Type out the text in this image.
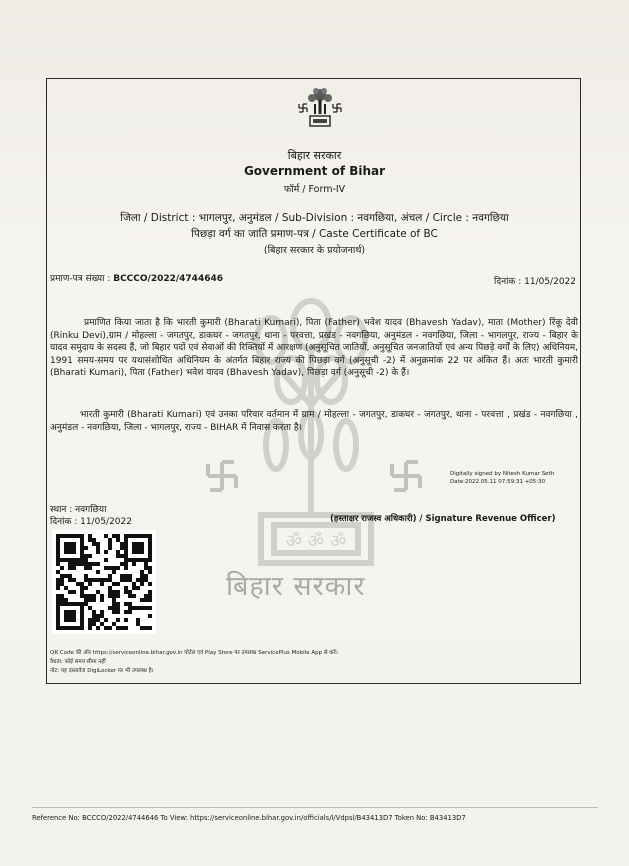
बिहार सरकार
Government of Bihar
फॉर्म / Form-IV
जिला / District : भागलपुर, अनुमंडल / Sub-Division : नवगछिया, अंचल / Circle : नवगछिया
पिछड़ा वर्ग का जाति प्रमाण-पत्र / Caste Certificate of BC
(बिहार सरकार के प्रयोजनार्थ)
प्रमाण-पत्र संख्या : BCCCO/2022/4744646	दिनांक : 11/05/2022
ॐ ॐ ॐ
बिहार सरकार
प्रमाणित किया जाता है कि भारती कुमारी (Bharati Kumari), पिता (Father) भवेश यादव (Bhavesh Yadav), माता (Mother) रिंकू देवी (Rinku Devi),ग्राम / मोहल्ला - जगतपुर, डाकघर - जगतपुर, थाना - परवत्ता, प्रखंड - नवगछिया, अनुमंडल - नवगछिया, जिला - भागलपुर, राज्य - बिहार के यादव समुदाय के सदस्य हैं, जो बिहार पदों एवं सेवाओं की रिक्तियों में आरक्षण (अनुसूचित जातियों, अनुसूचित जनजातियों एवं अन्य पिछड़े वर्गों के लिए) अधिनियम, 1991 समय-समय पर यथासंशोधित अधिनियम के अंतर्गत बिहार राज्य की पिछड़ा वर्ग (अनुसूची -2) में अनुक्रमांक 22 पर अंकित हैं। अतः भारती कुमारी (Bharati Kumari), पिता (Father) भवेश यादव (Bhavesh Yadav), पिछड़ा वर्ग (अनुसूची -2) के हैं।
भारती कुमारी (Bharati Kumari) एवं उनका परिवार वर्तमान में ग्राम / मोहल्ला - जगतपुर, डाकघर - जगतपुर, थाना - परवत्ता , प्रखंड - नवगछिया , अनुमंडल - नवगछिया, जिला - भागलपुर, राज्य - BIHAR में निवास करता है।
Digitally signed by Nitesh Kumar Seth
Date:2022.05.11 07:59:31 +05:30
स्थान : नवगछिया
दिनांक : 11/05/2022	(हस्ताक्षर राजस्व अधिकारी) / Signature Revenue Officer)
QR Code की ऑर https://serviceonline.bihar.gov.in पोर्टल एवं Play Store पर उपलब्ध ServicePlus Mobile App से करें।
वैधता: कोई समय सीमा नहीं
नोट: यह दस्तावेज DigiLocker पर भी उपलब्ध है।
Reference No: BCCCO/2022/4744646 To View: https://serviceonline.bihar.gov.in/officials/l/Vdpsl/B43413D7 Token No: B43413D7
